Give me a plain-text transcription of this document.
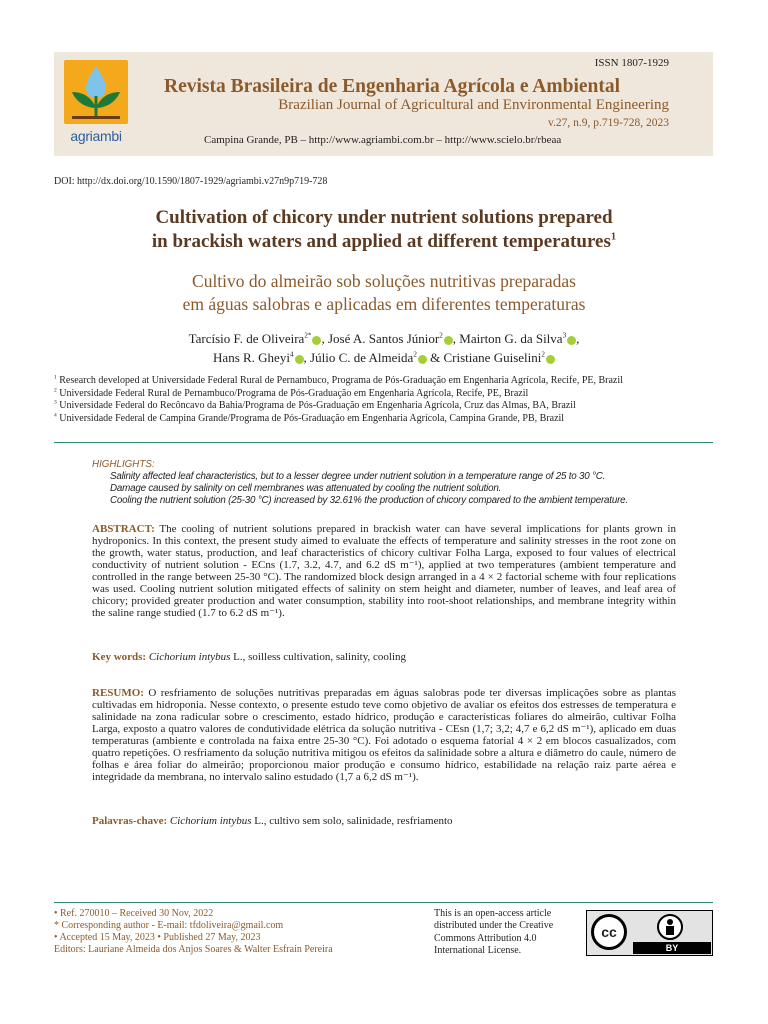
agriambi
ISSN 1807-1929
Revista Brasileira de Engenharia Agrícola e Ambiental
Brazilian Journal of Agricultural and Environmental Engineering
v.27, n.9, p.719-728, 2023
Campina Grande, PB – http://www.agriambi.com.br – http://www.scielo.br/rbeaa
DOI: http://dx.doi.org/10.1590/1807-1929/agriambi.v27n9p719-728
Cultivation of chicory under nutrient solutions prepared
in brackish waters and applied at different temperatures$^1$
Cultivo do almeirão sob soluções nutritivas preparadas
em águas salobras e aplicadas em diferentes temperaturas
Tarcísio F. de Oliveira$^{2*}$ , José A. Santos Júnior$^2$ , Mairton G. da Silva$^3$ ,
Hans R. Gheyi$^4$ , Júlio C. de Almeida$^2$ & Cristiane Guiselini$^2$
$^1$ Research developed at Universidade Federal Rural de Pernambuco, Programa de Pós-Graduação em Engenharia Agrícola, Recife, PE, Brazil
$^2$ Universidade Federal Rural de Pernambuco/Programa de Pós-Graduação em Engenharia Agrícola, Recife, PE, Brazil
$^3$ Universidade Federal do Recôncavo da Bahia/Programa de Pós-Graduação em Engenharia Agrícola, Cruz das Almas, BA, Brazil
$^4$ Universidade Federal de Campina Grande/Programa de Pós-Graduação em Engenharia Agrícola, Campina Grande, PB, Brazil
HIGHLIGHTS:
Salinity affected leaf characteristics, but to a lesser degree under nutrient solution in a temperature range of 25 to 30 °C.
Damage caused by salinity on cell membranes was attenuated by cooling the nutrient solution.
Cooling the nutrient solution (25-30 °C) increased by 32.61% the production of chicory compared to the ambient temperature.
ABSTRACT: The cooling of nutrient solutions prepared in brackish water can have several implications for plants grown in hydroponics. In this context, the present study aimed to evaluate the effects of temperature and salinity stresses in the root zone on the growth, water status, production, and leaf characteristics of chicory cultivar Folha Larga, exposed to four values of electrical conductivity of nutrient solution - ECns (1.7, 3.2, 4.7, and 6.2 dS m⁻¹), applied at two temperatures (ambient temperature and controlled in the range between 25-30 °C). The randomized block design arranged in a 4 × 2 factorial scheme with four replications was used. Cooling nutrient solution mitigated effects of salinity on stem height and diameter, number of leaves, and leaf area of chicory; provided greater production and water consumption, stability into root-shoot relationships, and membrane integrity within the saline range studied (1.7 to 6.2 dS m⁻¹).
Key words: Cichorium intybus L., soilless cultivation, salinity, cooling
RESUMO: O resfriamento de soluções nutritivas preparadas em águas salobras pode ter diversas implicações sobre as plantas cultivadas em hidroponia. Nesse contexto, o presente estudo teve como objetivo de avaliar os efeitos dos estresses de temperatura e salinidade na zona radicular sobre o crescimento, estado hídrico, produção e características foliares do almeirão, cultivar Folha Larga, exposto a quatro valores de condutividade elétrica da solução nutritiva - CEsn (1,7; 3,2; 4,7 e 6,2 dS m⁻¹), aplicado em duas temperaturas (ambiente e controlada na faixa entre 25-30 °C). Foi adotado o esquema fatorial 4 × 2 em blocos casualizados, com quatro repetições. O resfriamento da solução nutritiva mitigou os efeitos da salinidade sobre a altura e diâmetro do caule, número de folhas e área foliar do almeirão; proporcionou maior produção e consumo hídrico, estabilidade na relação raiz parte aérea e integridade da membrana, no intervalo salino estudado (1,7 a 6,2 dS m⁻¹).
Palavras-chave: Cichorium intybus L., cultivo sem solo, salinidade, resfriamento
• Ref. 270010 – Received 30 Nov, 2022
* Corresponding author - E-mail: tfdoliveira@gmail.com
• Accepted 15 May, 2023 • Published 27 May, 2023
Editors: Lauriane Almeida dos Anjos Soares & Walter Esfrain Pereira
This is an open-access article distributed under the Creative Commons Attribution 4.0 International License.
cc
BY
